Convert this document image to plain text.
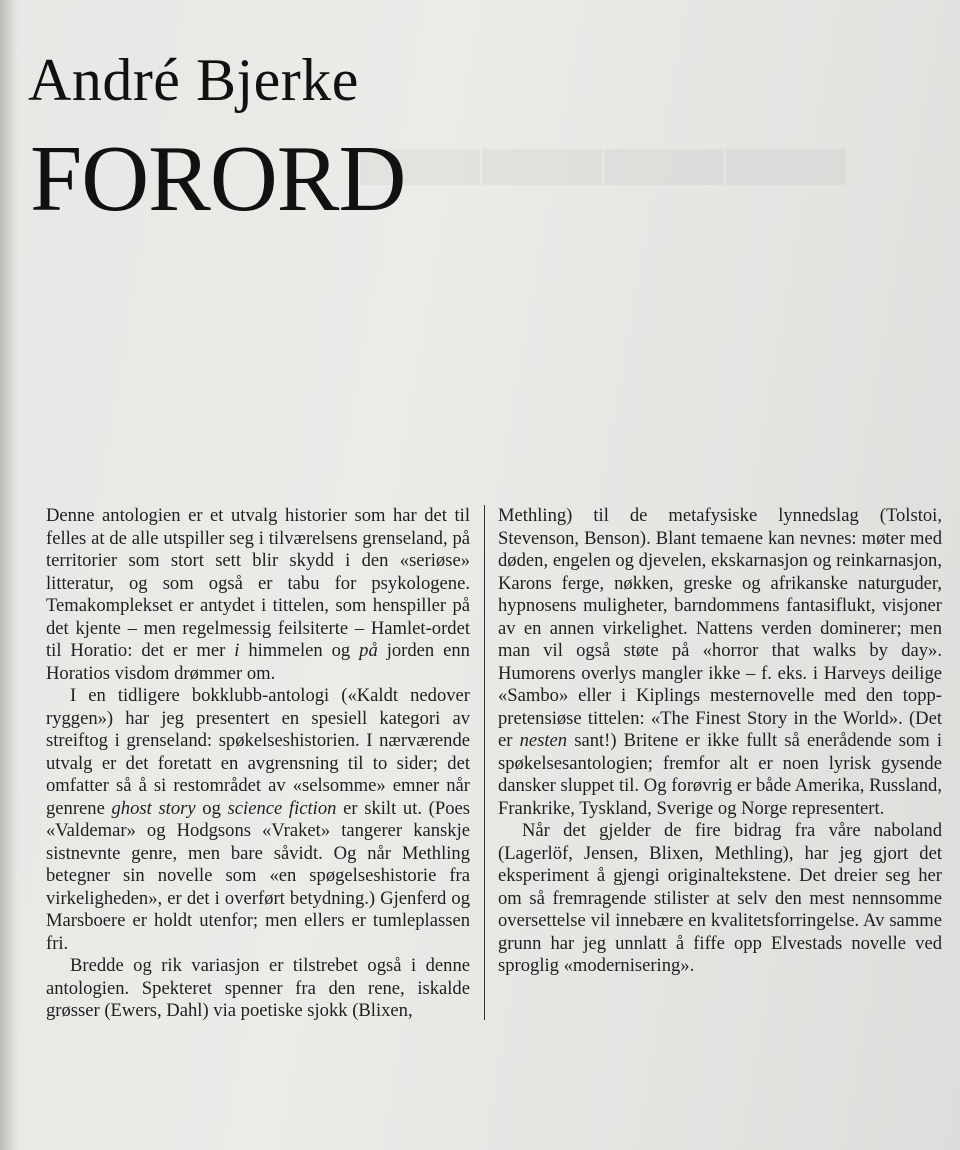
▬▬▬▬
André Bjerke
FORORD

Denne antologien er et utvalg historier som har det til felles at de alle utspiller seg i tilværelsens grenseland, på territorier som stort sett blir skydd i den «seriøse» litteratur, og som også er tabu for psykologene. Temakomplekset er antydet i tittelen, som henspiller på det kjente – men regelmessig feilsiterte – Hamlet-ordet til Horatio: det er mer i himmelen og på jorden enn Horatios visdom drømmer om.

I en tidligere bokklubb-antologi («Kaldt nedover ryggen») har jeg presentert en spesiell kategori av streiftog i grenseland: spøkelseshistorien. I nærværende utvalg er det foretatt en avgrensning til to sider; det omfatter så å si restområdet av «selsomme» emner når genrene ghost story og science fiction er skilt ut. (Poes «Valdemar» og Hodgsons «Vraket» tangerer kanskje sistnevnte genre, men bare såvidt. Og når Methling betegner sin novelle som «en spøgelseshistorie fra virkeligheden», er det i overført betydning.) Gjenferd og Marsboere er holdt utenfor; men ellers er tumleplassen fri.

Bredde og rik variasjon er tilstrebet også i denne antologien. Spekteret spenner fra den rene, iskalde grøsser (Ewers, Dahl) via poetiske sjokk (Blixen,

Methling) til de metafysiske lynnedslag (Tolstoi, Stevenson, Benson). Blant temaene kan nevnes: møter med døden, engelen og djevelen, ekskarnasjon og reinkarnasjon, Karons ferge, nøkken, greske og afrikanske naturguder, hypnosens muligheter, barndommens fantasiflukt, visjoner av en annen virkelighet. Nattens verden dominerer; men man vil også støte på «horror that walks by day». Humorens overlys mangler ikke – f. eks. i Harveys deilige «Sambo» eller i Kiplings mesternovelle med den topp-pretensiøse tittelen: «The Finest Story in the World». (Det er nesten sant!) Britene er ikke fullt så enerådende som i spøkelsesantologien; fremfor alt er noen lyrisk gysende dansker sluppet til. Og forøvrig er både Amerika, Russland, Frankrike, Tyskland, Sverige og Norge representert.

Når det gjelder de fire bidrag fra våre naboland (Lagerlöf, Jensen, Blixen, Methling), har jeg gjort det eksperiment å gjengi originaltekstene. Det dreier seg her om så fremragende stilister at selv den mest nennsomme oversettelse vil innebære en kvalitetsforringelse. Av samme grunn har jeg unnlatt å fiffe opp Elvestads novelle ved sproglig «modernisering».
